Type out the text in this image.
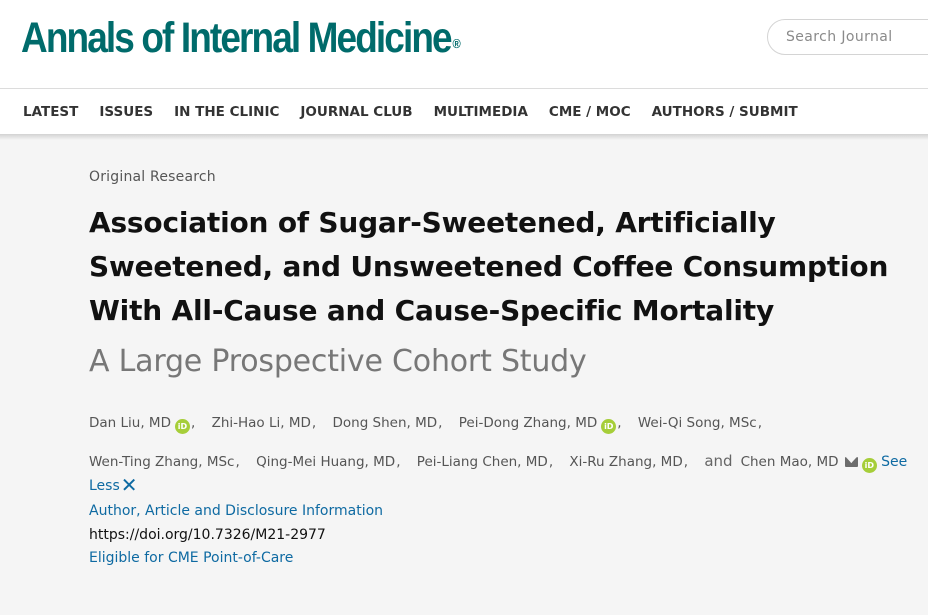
Annals of Internal Medicine ®
Search Journal
LATEST ISSUES IN THE CLINIC JOURNAL CLUB MULTIMEDIA CME / MOC AUTHORS / SUBMIT
Original Research
Association of Sugar-Sweetened, Artificially Sweetened, and Unsweetened Coffee Consumption With All-Cause and Cause-Specific Mortality
A Large Prospective Cohort Study
Dan Liu, MD iD , Zhi-Hao Li, MD, Dong Shen, MD, Pei-Dong Zhang, MD iD , Wei-Qi Song, MSc,
Wen-Ting Zhang, MSc, Qing-Mei Huang, MD, Pei-Liang Chen, MD, Xi-Ru Zhang, MD, and Chen Mao, MD	iD See
Less✕
Author, Article and Disclosure Information
https://doi.org/10.7326/M21-2977
Eligible for CME Point-of-Care
